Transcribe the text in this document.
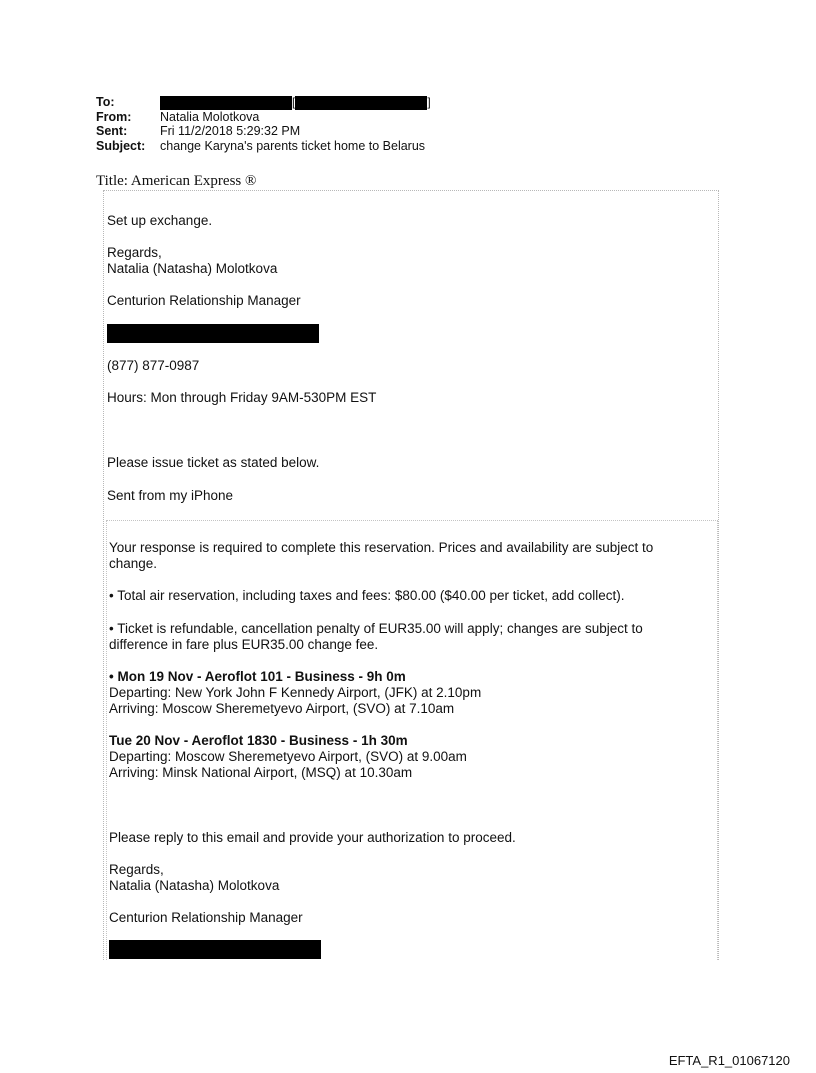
To:	[	]
From:	Natalia Molotkova
Sent:	Fri 11/2/2018 5:29:32 PM
Subject:	change Karyna's parents ticket home to Belarus
Title: American Express ®
Set up exchange.
Regards,
Natalia (Natasha) Molotkova
Centurion Relationship Manager
(877) 877-0987
Hours: Mon through Friday 9AM-530PM EST
Please issue ticket as stated below.
Sent from my iPhone
Your response is required to complete this reservation. Prices and availability are subject to
change.
• Total air reservation, including taxes and fees: $80.00 ($40.00 per ticket, add collect).
• Ticket is refundable, cancellation penalty of EUR35.00 will apply; changes are subject to
difference in fare plus EUR35.00 change fee.
• Mon 19 Nov - Aeroflot 101 - Business - 9h 0m
Departing: New York John F Kennedy Airport, (JFK) at 2.10pm
Arriving: Moscow Sheremetyevo Airport, (SVO) at 7.10am
Tue 20 Nov - Aeroflot 1830 - Business - 1h 30m
Departing: Moscow Sheremetyevo Airport, (SVO) at 9.00am
Arriving: Minsk National Airport, (MSQ) at 10.30am
Please reply to this email and provide your authorization to proceed.
Regards,
Natalia (Natasha) Molotkova
Centurion Relationship Manager
EFTA_R1_01067120
